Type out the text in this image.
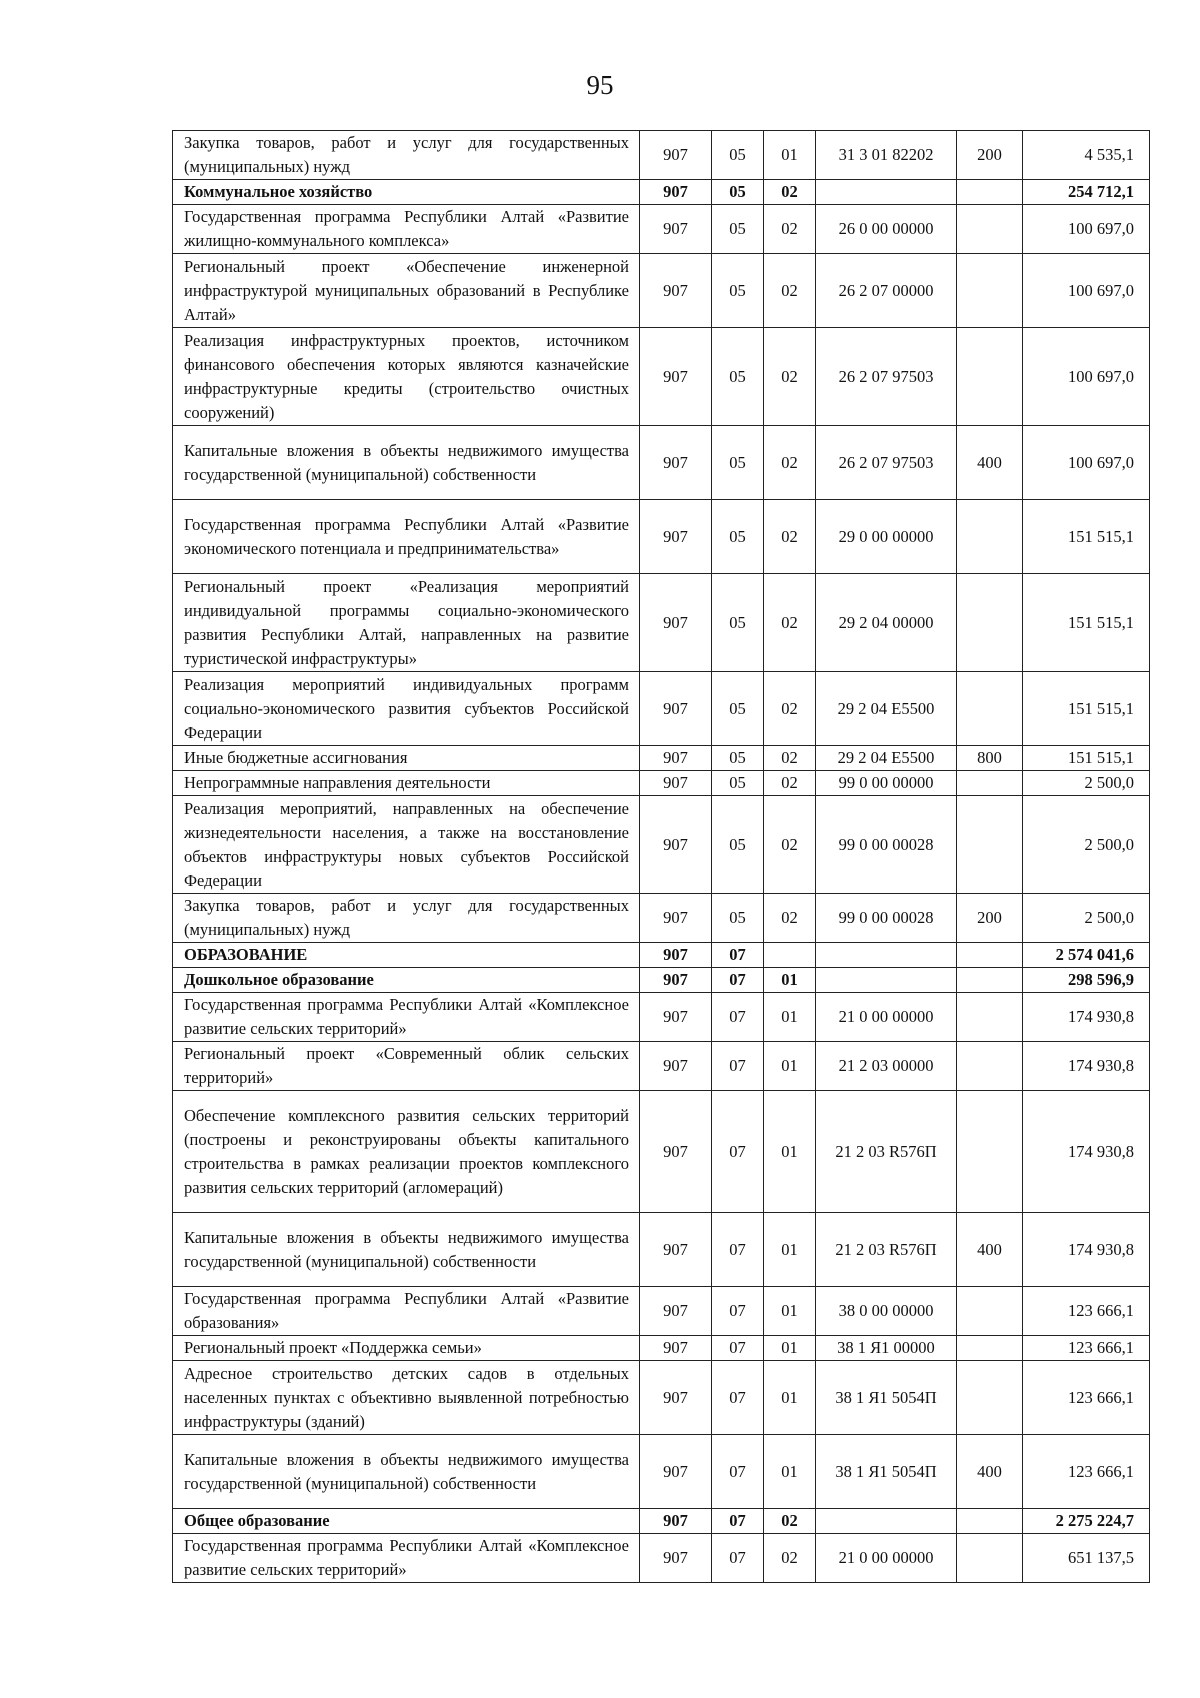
95
Закупка товаров, работ и услуг для государственных (муниципальных) нужд	907	05	01	31 3 01 82202	200	4 535,1
Коммунальное хозяйство	907	05	02			254 712,1
Государственная программа Республики Алтай «Развитие жилищно-коммунального комплекса»	907	05	02	26 0 00 00000		100 697,0
Региональный проект «Обеспечение инженерной инфраструктурой муниципальных образований в Республике Алтай»	907	05	02	26 2 07 00000		100 697,0
Реализация инфраструктурных проектов, источником финансового обеспечения которых являются казначейские инфраструктурные кредиты (строительство очистных сооружений)	907	05	02	26 2 07 97503		100 697,0
Капитальные вложения в объекты недвижимого имущества государственной (муниципальной) собственности	907	05	02	26 2 07 97503	400	100 697,0
Государственная программа Республики Алтай «Развитие экономического потенциала и предпринимательства»	907	05	02	29 0 00 00000		151 515,1
Региональный проект «Реализация мероприятий индивидуальной программы социально-экономического развития Республики Алтай, направленных на развитие туристической инфраструктуры»	907	05	02	29 2 04 00000		151 515,1
Реализация мероприятий индивидуальных программ социально-экономического развития субъектов Российской Федерации	907	05	02	29 2 04 E5500		151 515,1
Иные бюджетные ассигнования	907	05	02	29 2 04 E5500	800	151 515,1
Непрограммные направления деятельности	907	05	02	99 0 00 00000		2 500,0
Реализация мероприятий, направленных на обеспечение жизнедеятельности населения, а также на восстановление объектов инфраструктуры новых субъектов Российской Федерации	907	05	02	99 0 00 00028		2 500,0
Закупка товаров, работ и услуг для государственных (муниципальных) нужд	907	05	02	99 0 00 00028	200	2 500,0
ОБРАЗОВАНИЕ	907	07				2 574 041,6
Дошкольное образование	907	07	01			298 596,9
Государственная программа Республики Алтай «Комплексное развитие сельских территорий»	907	07	01	21 0 00 00000		174 930,8
Региональный проект «Современный облик сельских территорий»	907	07	01	21 2 03 00000		174 930,8
Обеспечение комплексного развития сельских территорий (построены и реконструированы объекты капитального строительства в рамках реализации проектов комплексного развития сельских территорий (агломераций)	907	07	01	21 2 03 R576П		174 930,8
Капитальные вложения в объекты недвижимого имущества государственной (муниципальной) собственности	907	07	01	21 2 03 R576П	400	174 930,8
Государственная программа Республики Алтай «Развитие образования»	907	07	01	38 0 00 00000		123 666,1
Региональный проект «Поддержка семьи»	907	07	01	38 1 Я1 00000		123 666,1
Адресное строительство детских садов в отдельных населенных пунктах с объективно выявленной потребностью инфраструктуры (зданий)	907	07	01	38 1 Я1 5054П		123 666,1
Капитальные вложения в объекты недвижимого имущества государственной (муниципальной) собственности	907	07	01	38 1 Я1 5054П	400	123 666,1
Общее образование	907	07	02			2 275 224,7
Государственная программа Республики Алтай «Комплексное развитие сельских территорий»	907	07	02	21 0 00 00000		651 137,5
